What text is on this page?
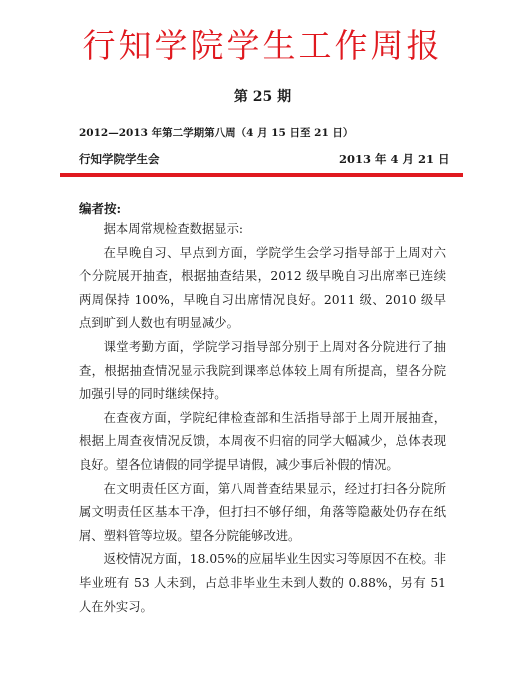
行知学院学生工作周报
第 25 期
2012—2013 年第二学期第八周（4 月 15 日至 21 日）
行知学院学生会	2013 年 4 月 21 日
编者按:

据本周常规检查数据显示:

在早晚自习、早点到方面，学院学生会学习指导部于上周对六个分院展开抽查，根据抽查结果，2012 级早晚自习出席率已连续两周保持 100%，早晚自习出席情况良好。2011 级、2010 级早点到旷到人数也有明显减少。

课堂考勤方面，学院学习指导部分别于上周对各分院进行了抽查，根据抽查情况显示我院到课率总体较上周有所提高，望各分院加强引导的同时继续保持。

在查夜方面，学院纪律检查部和生活指导部于上周开展抽查，根据上周查夜情况反馈，本周夜不归宿的同学大幅减少，总体表现良好。望各位请假的同学提早请假，减少事后补假的情况。

在文明责任区方面，第八周普查结果显示，经过打扫各分院所属文明责任区基本干净，但打扫不够仔细，角落等隐蔽处仍存在纸屑、塑料管等垃圾。望各分院能够改进。

返校情况方面，18.05%的应届毕业生因实习等原因不在校。非毕业班有 53 人未到，占总非毕业生未到人数的 0.88%，另有 51 人在外实习。
